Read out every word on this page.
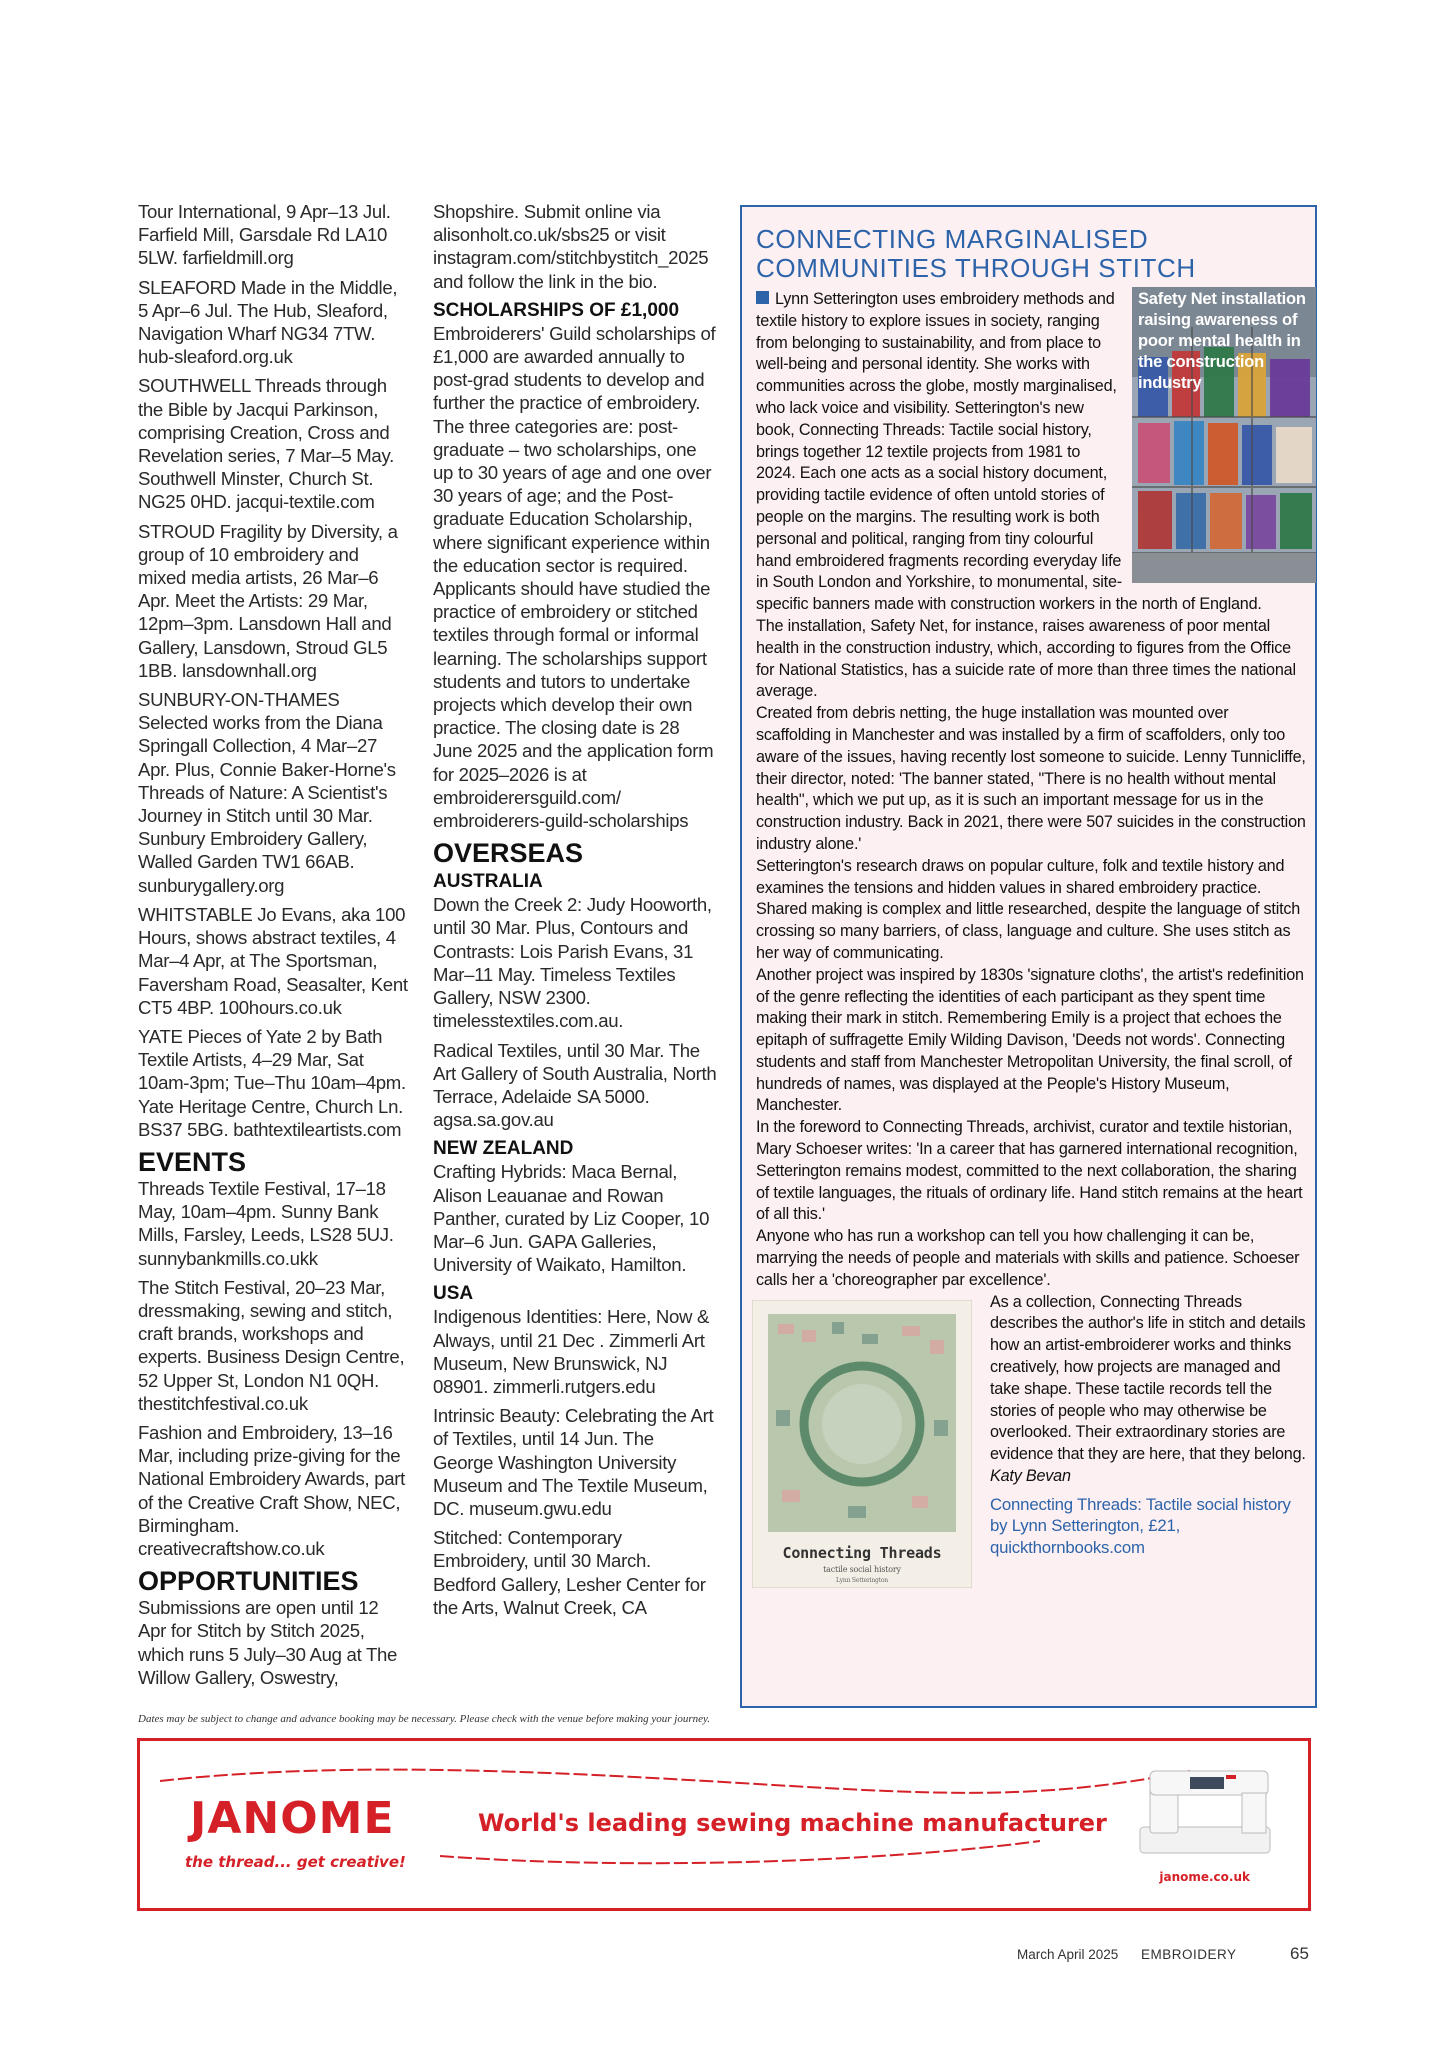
Tour International, 9 Apr–13 Jul. Farfield Mill, Garsdale Rd LA10 5LW. farfieldmill.org

SLEAFORD Made in the Middle, 5 Apr–6 Jul. The Hub, Sleaford, Navigation Wharf NG34 7TW. hub-sleaford.org.uk

SOUTHWELL Threads through the Bible by Jacqui Parkinson, comprising Creation, Cross and Revelation series, 7 Mar–5 May. Southwell Minster, Church St. NG25 0HD. jacqui-textile.com

STROUD Fragility by Diversity, a group of 10 embroidery and mixed media artists, 26 Mar–6 Apr. Meet the Artists: 29 Mar, 12pm–3pm. Lansdown Hall and Gallery, Lansdown, Stroud GL5 1BB. lansdownhall.org

SUNBURY-ON-THAMES Selected works from the Diana Springall Collection, 4 Mar–27 Apr. Plus, Connie Baker-Horne's Threads of Nature: A Scientist's Journey in Stitch until 30 Mar. Sunbury Embroidery Gallery, Walled Garden TW1 66AB. sunburygallery.org

WHITSTABLE Jo Evans, aka 100 Hours, shows abstract textiles, 4 Mar–4 Apr, at The Sportsman, Faversham Road, Seasalter, Kent CT5 4BP. 100hours.co.uk

YATE Pieces of Yate 2 by Bath Textile Artists, 4–29 Mar, Sat 10am-3pm; Tue–Thu 10am–4pm. Yate Heritage Centre, Church Ln. BS37 5BG. bathtextileartists.com

EVENTS

Threads Textile Festival, 17–18 May, 10am–4pm. Sunny Bank Mills, Farsley, Leeds, LS28 5UJ. sunnybankmills.co.ukk

The Stitch Festival, 20–23 Mar, dressmaking, sewing and stitch, craft brands, workshops and experts. Business Design Centre, 52 Upper St, London N1 0QH. thestitchfestival.co.uk

Fashion and Embroidery, 13–16 Mar, including prize-giving for the National Embroidery Awards, part of the Creative Craft Show, NEC, Birmingham. creativecraftshow.co.uk

OPPORTUNITIES

Submissions are open until 12 Apr for Stitch by Stitch 2025, which runs 5 July–30 Aug at The Willow Gallery, Oswestry,

Shopshire. Submit online via alisonholt.co.uk/sbs25 or visit instagram.com/stitchbystitch_2025 and follow the link in the bio.

SCHOLARSHIPS OF £1,000

Embroiderers' Guild scholarships of £1,000 are awarded annually to post-grad students to develop and further the practice of embroidery. The three categories are: post-graduate – two scholarships, one up to 30 years of age and one over 30 years of age; and the Post-graduate Education Scholarship, where significant experience within the education sector is required. Applicants should have studied the practice of embroidery or stitched textiles through formal or informal learning. The scholarships support students and tutors to undertake projects which develop their own practice. The closing date is 28 June 2025 and the application form for 2025–2026 is at embroiderersguild.com/ embroiderers-guild-scholarships

OVERSEAS
AUSTRALIA

Down the Creek 2: Judy Hooworth, until 30 Mar. Plus, Contours and Contrasts: Lois Parish Evans, 31 Mar–11 May. Timeless Textiles Gallery, NSW 2300. timelesstextiles.com.au.

Radical Textiles, until 30 Mar. The Art Gallery of South Australia, North Terrace, Adelaide SA 5000. agsa.sa.gov.au

NEW ZEALAND

Crafting Hybrids: Maca Bernal, Alison Leauanae and Rowan Panther, curated by Liz Cooper, 10 Mar–6 Jun. GAPA Galleries, University of Waikato, Hamilton.

USA

Indigenous Identities: Here, Now & Always, until 21 Dec . Zimmerli Art Museum, New Brunswick, NJ 08901. zimmerli.rutgers.edu

Intrinsic Beauty: Celebrating the Art of Textiles, until 14 Jun. The George Washington University Museum and The Textile Museum, DC. museum.gwu.edu

Stitched: Contemporary Embroidery, until 30 March. Bedford Gallery, Lesher Center for the Arts, Walnut Creek, CA

CONNECTING MARGINALISED COMMUNITIES THROUGH STITCH
Safety Net installation raising awareness of poor mental health in the construction industry

Lynn Setterington uses embroidery methods and textile history to explore issues in society, ranging from belonging to sustainability, and from place to well-being and personal identity. She works with communities across the globe, mostly marginalised, who lack voice and visibility. Setterington's new book, Connecting Threads: Tactile social history, brings together 12 textile projects from 1981 to 2024. Each one acts as a social history document, providing tactile evidence of often untold stories of people on the margins. The resulting work is both personal and political, ranging from tiny colourful hand embroidered fragments recording everyday life in South London and Yorkshire, to monumental, site-specific banners made with construction workers in the north of England.

The installation, Safety Net, for instance, raises awareness of poor mental health in the construction industry, which, according to figures from the Office for National Statistics, has a suicide rate of more than three times the national average.

Created from debris netting, the huge installation was mounted over scaffolding in Manchester and was installed by a firm of scaffolders, only too aware of the issues, having recently lost someone to suicide. Lenny Tunnicliffe, their director, noted: 'The banner stated, "There is no health without mental health", which we put up, as it is such an important message for us in the construction industry. Back in 2021, there were 507 suicides in the construction industry alone.'

Setterington's research draws on popular culture, folk and textile history and examines the tensions and hidden values in shared embroidery practice. Shared making is complex and little researched, despite the language of stitch crossing so many barriers, of class, language and culture. She uses stitch as her way of communicating.

Another project was inspired by 1830s 'signature cloths', the artist's redefinition of the genre reflecting the identities of each participant as they spent time making their mark in stitch. Remembering Emily is a project that echoes the epitaph of suffragette Emily Wilding Davison, 'Deeds not words'. Connecting students and staff from Manchester Metropolitan University, the final scroll, of hundreds of names, was displayed at the People's History Museum, Manchester.

In the foreword to Connecting Threads, archivist, curator and textile historian, Mary Schoeser writes: 'In a career that has garnered international recognition, Setterington remains modest, committed to the next collaboration, the sharing of textile languages, the rituals of ordinary life. Hand stitch remains at the heart of all this.'

Anyone who has run a workshop can tell you how challenging it can be, marrying the needs of people and materials with skills and patience. Schoeser calls her a 'choreographer par excellence'.

Connecting Threads
tactile social history
Lynn Setterington

As a collection, Connecting Threads describes the author's life in stitch and details how an artist-embroiderer works and thinks creatively, how projects are managed and take shape. These tactile records tell the stories of people who may otherwise be overlooked. Their extraordinary stories are evidence that they are here, that they belong.

Katy Bevan

Connecting Threads: Tactile social history by Lynn Setterington, £21, quickthornbooks.com

Dates may be subject to change and advance booking may be necessary. Please check with the venue before making your journey.
JANOME
the thread... get creative!
World's leading sewing machine manufacturer
janome.co.uk
March April 2025 EMBROIDERY	65
